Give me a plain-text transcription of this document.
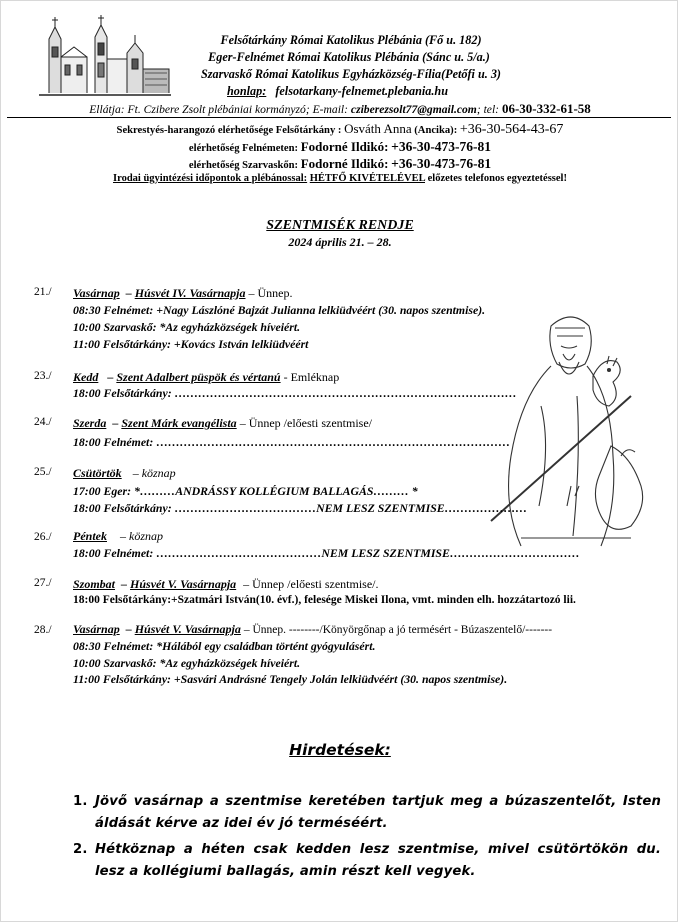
Felsőtárkány Római Katolikus Plébánia (Fő u. 182)
Eger-Felnémet Római Katolikus Plébánia (Sánc u. 5/a.)
Szarvaskő Római Katolikus Egyházközség-Fília(Petőfi u. 3)
honlap: felsotarkany-felnemet.plebania.hu
Ellátja: Ft. Czibere Zsolt plébániai kormányzó; E-mail: cziberezsolt77@gmail.com; tel: 06-30-332-61-58
Sekrestyés-harangozó elérhetősége Felsőtárkány : Osváth Anna (Ancika): +36-30-564-43-67
elérhetőség Felnémeten: Fodorné Ildikó: +36-30-473-76-81
elérhetőség Szarvaskőn: Fodorné Ildikó: +36-30-473-76-81
Irodai ügyintézési időpontok a plébánossal: HÉTFŐ KIVÉTELÉVEL előzetes telefonos egyeztetéssel!
SZENTMISÉK RENDJE
2024 április 21. – 28.
21./ Vasárnap  – Húsvét IV. Vasárnapja – Ünnep.
08:30 Felnémet: +Nagy Lászlóné Bajzát Julianna lelkiüdvéért (30. napos szentmise).
10:00 Szarvaskő: *Az egyházközségek híveiért.
11:00 Felsőtárkány: +Kovács István lelkiüdvéért
23./ Kedd   – Szent Adalbert püspök és vértanú - Emléknap
18:00 Felsőtárkány: ……………………………………………………………………………
24./ Szerda  – Szent Márk evangélista – Ünnep /előesti szentmise/
18:00 Felnémet: ………………………………………………………………………………
25./ Csütörtök – köznap
17:00 Eger: *………ANDRÁSSY KOLLÉGIUM BALLAGÁS……… *
18:00 Felsőtárkány: ………………………………NEM LESZ SZENTMISE…………………
26./ Péntek – köznap
18:00 Felnémet: ……………………………………NEM LESZ SZENTMISE……………………………
27./ Szombat  – Húsvét V. Vasárnapja – Ünnep /előesti szentmise/.
18:00 Felsőtárkány:+Szatmári István(10. évf.), felesége Miskei Ilona, vmt. minden elh. hozzátartozó lii.
28./ Vasárnap  – Húsvét V. Vasárnapja – Ünnep. --------/Könyörgőnap a jó termésért - Búzaszentelő/-------
08:30 Felnémet: *Hálából egy családban történt gyógyulásért.
10:00 Szarvaskő: *Az egyházközségek híveiért.
11:00 Felsőtárkány: +Sasvári Andrásné Tengely Jolán lelkiüdvéért (30. napos szentmise).
Hirdetések:
1. Jövő vasárnap a szentmise keretében tartjuk meg a búzaszentelőt, Isten áldását kérve az idei év jó terméséért.
2. Hétköznap a héten csak kedden lesz szentmise, mivel csütörtökön du. lesz a kollégiumi ballagás, amin részt kell vegyek.
